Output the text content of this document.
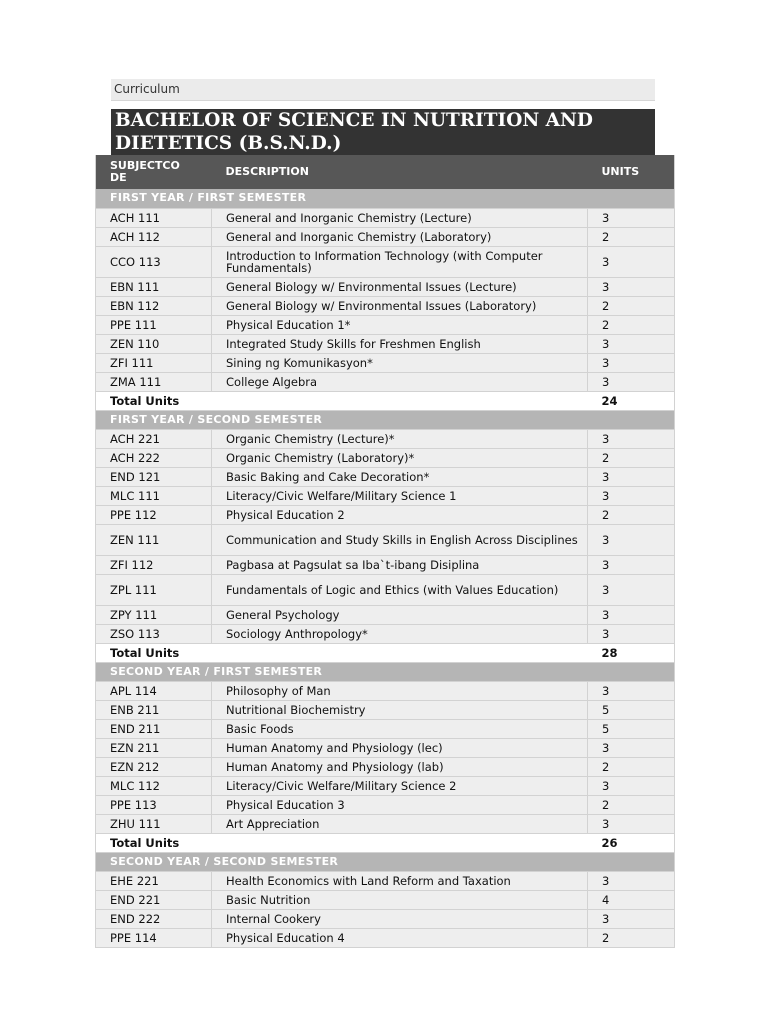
Curriculum
BACHELOR OF SCIENCE IN NUTRITION AND DIETETICS (B.S.N.D.)
SUBJECTCO DE	DESCRIPTION	UNITS
FIRST YEAR / FIRST SEMESTER		
ACH 111	General and Inorganic Chemistry (Lecture)	3
ACH 112	General and Inorganic Chemistry (Laboratory)	2
CCO 113	Introduction to Information Technology (with Computer Fundamentals)	3
EBN 111	General Biology w/ Environmental Issues (Lecture)	3
EBN 112	General Biology w/ Environmental Issues (Laboratory)	2
PPE 111	Physical Education 1*	2
ZEN 110	Integrated Study Skills for Freshmen English	3
ZFI 111	Sining ng Komunikasyon*	3
ZMA 111	College Algebra	3
Total Units		24
FIRST YEAR / SECOND SEMESTER		
ACH 221	Organic Chemistry (Lecture)*	3
ACH 222	Organic Chemistry (Laboratory)*	2
END 121	Basic Baking and Cake Decoration*	3
MLC 111	Literacy/Civic Welfare/Military Science 1	3
PPE 112	Physical Education 2	2
ZEN 111	Communication and Study Skills in English Across Disciplines	3
ZFI 112	Pagbasa at Pagsulat sa Iba`t-ibang Disiplina	3
ZPL 111	Fundamentals of Logic and Ethics (with Values Education)	3
ZPY 111	General Psychology	3
ZSO 113	Sociology Anthropology*	3
Total Units		28
SECOND YEAR / FIRST SEMESTER		
APL 114	Philosophy of Man	3
ENB 211	Nutritional Biochemistry	5
END 211	Basic Foods	5
EZN 211	Human Anatomy and Physiology (lec)	3
EZN 212	Human Anatomy and Physiology (lab)	2
MLC 112	Literacy/Civic Welfare/Military Science 2	3
PPE 113	Physical Education 3	2
ZHU 111	Art Appreciation	3
Total Units		26
SECOND YEAR / SECOND SEMESTER		
EHE 221	Health Economics with Land Reform and Taxation	3
END 221	Basic Nutrition	4
END 222	Internal Cookery	3
PPE 114	Physical Education 4	2
